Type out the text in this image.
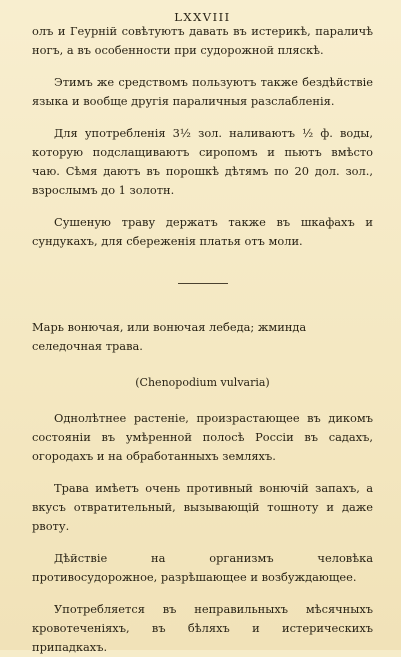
LXXVIII

олъ и Геурній совѣтуютъ давать въ истерикѣ, параличѣ ногъ, а въ особенности при судорожной пляскѣ.

Этимъ же средствомъ пользуютъ также бездѣйствіе языка и вообще другія параличныя разслабленія.

Для употребленія 3½ зол. наливаютъ ½ ф. воды, которую подслащиваютъ сиропомъ и пьютъ вмѣсто чаю. Сѣмя даютъ въ порошкѣ дѣтямъ по 20 дол. зол., взрослымъ до 1 золотн.

Сушеную траву держатъ также въ шкафахъ и сундукахъ, для сбереженія платья отъ моли.

Марь вонючая, или вонючая лебеда; жминда селедочная трава.
(Chenopodium vulvaria)

Однолѣтнее растеніе, произрастающее въ дикомъ состояніи въ умѣренной полосѣ Россіи въ садахъ, огородахъ и на обработанныхъ земляхъ.

Трава имѣетъ очень противный вонючій запахъ, а вкусъ отвратительный, вызывающій тошноту и даже рвоту.

Дѣйствіе на организмъ человѣка противосудорожное, разрѣшающее и возбуждающее.

Употребляется въ неправильныхъ мѣсячныхъ кровотеченіяхъ, въ бѣляхъ и истерическихъ припадкахъ.
